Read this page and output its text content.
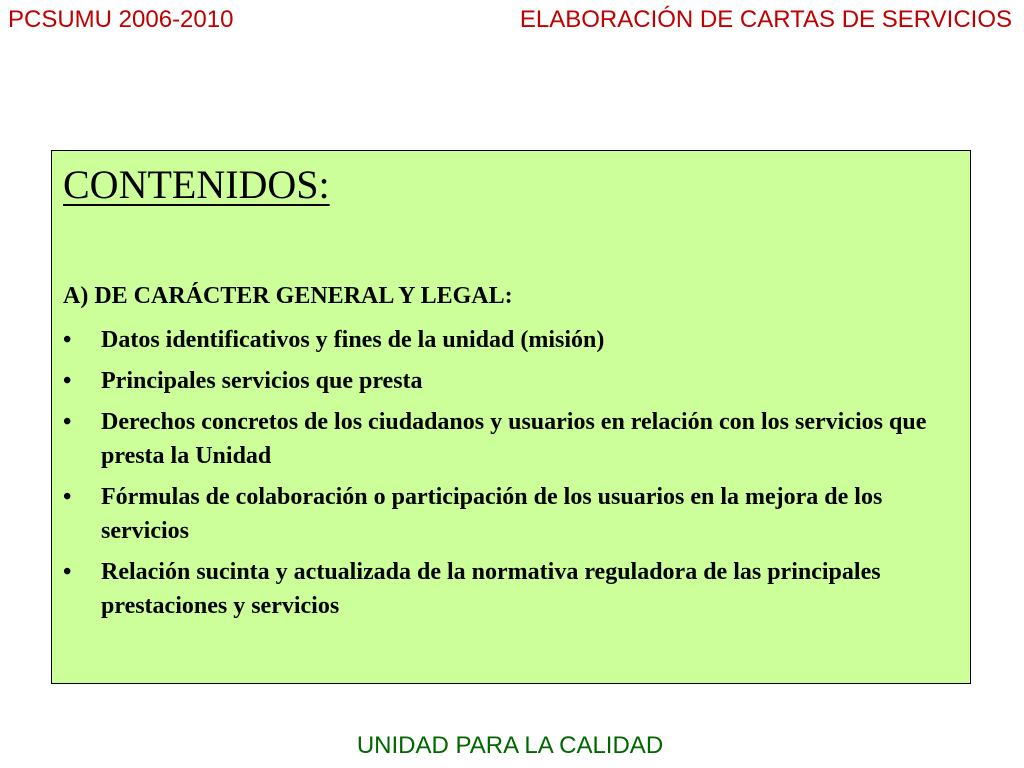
PCSUMU 2006-2010	ELABORACIÓN DE CARTAS DE SERVICIOS
CONTENIDOS:
A) DE CARÁCTER GENERAL Y LEGAL:
• Datos identificativos y fines de la unidad (misión)
• Principales servicios que presta
• Derechos concretos de los ciudadanos y usuarios en relación con los servicios que presta la Unidad
• Fórmulas de colaboración o participación de los usuarios en la mejora de los servicios
• Relación sucinta y actualizada de la normativa reguladora de las principales prestaciones y servicios
UNIDAD PARA LA CALIDAD
